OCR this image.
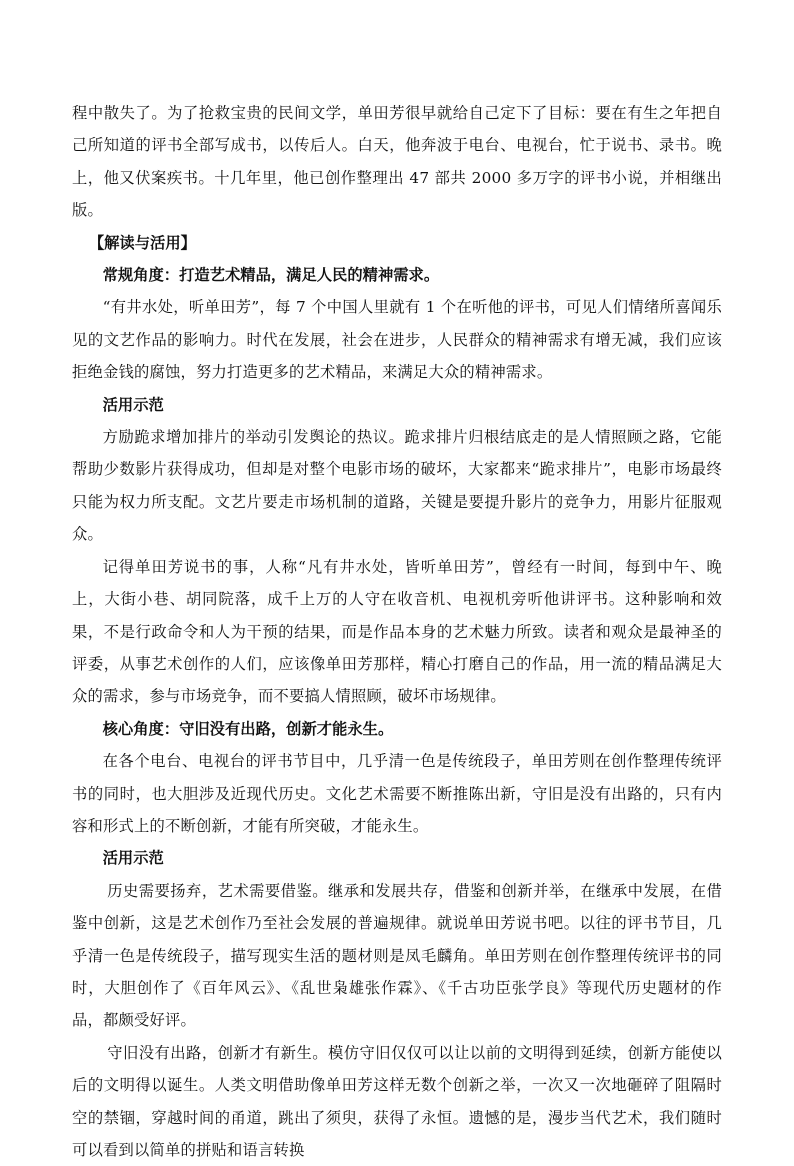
程中散失了。为了抢救宝贵的民间文学，单田芳很早就给自己定下了目标：要在有生之年把自己所知道的评书全部写成书，以传后人。白天，他奔波于电台、电视台，忙于说书、录书。晚上，他又伏案疾书。十几年里，他已创作整理出 47 部共 2000 多万字的评书小说，并相继出版。

【解读与活用】

常规角度：打造艺术精品，满足人民的精神需求。

“有井水处，听单田芳”，每 7 个中国人里就有 1 个在听他的评书，可见人们情绪所喜闻乐见的文艺作品的影响力。时代在发展，社会在进步，人民群众的精神需求有增无减，我们应该拒绝金钱的腐蚀，努力打造更多的艺术精品，来满足大众的精神需求。

活用示范

方励跪求增加排片的举动引发舆论的热议。跪求排片归根结底走的是人情照顾之路，它能帮助少数影片获得成功，但却是对整个电影市场的破坏，大家都来“跪求排片”，电影市场最终只能为权力所支配。文艺片要走市场机制的道路，关键是要提升影片的竞争力，用影片征服观众。

记得单田芳说书的事，人称“凡有井水处，皆听单田芳”，曾经有一时间，每到中午、晚上，大街小巷、胡同院落，成千上万的人守在收音机、电视机旁听他讲评书。这种影响和效果，不是行政命令和人为干预的结果，而是作品本身的艺术魅力所致。读者和观众是最神圣的评委，从事艺术创作的人们，应该像单田芳那样，精心打磨自己的作品，用一流的精品满足大众的需求，参与市场竞争，而不要搞人情照顾，破坏市场规律。

核心角度：守旧没有出路，创新才能永生。

在各个电台、电视台的评书节目中，几乎清一色是传统段子，单田芳则在创作整理传统评书的同时，也大胆涉及近现代历史。文化艺术需要不断推陈出新，守旧是没有出路的，只有内容和形式上的不断创新，才能有所突破，才能永生。

活用示范

历史需要扬弃，艺术需要借鉴。继承和发展共存，借鉴和创新并举，在继承中发展，在借鉴中创新，这是艺术创作乃至社会发展的普遍规律。就说单田芳说书吧。以往的评书节目，几乎清一色是传统段子，描写现实生活的题材则是凤毛麟角。单田芳则在创作整理传统评书的同时，大胆创作了《百年风云》、《乱世枭雄张作霖》、《千古功臣张学良》等现代历史题材的作品，都颇受好评。

守旧没有出路，创新才有新生。模仿守旧仅仅可以让以前的文明得到延续，创新方能使以后的文明得以诞生。人类文明借助像单田芳这样无数个创新之举，一次又一次地砸碎了阻隔时空的禁锢，穿越时间的甬道，跳出了须臾，获得了永恒。遗憾的是，漫步当代艺术，我们随时可以看到以简单的拼贴和语言转换
